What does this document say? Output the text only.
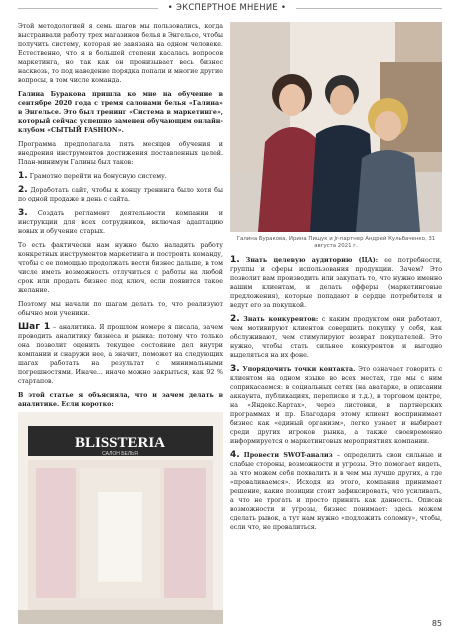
• ЭКСПЕРТНОЕ МНЕНИЕ •

Этой методологией я семь шагов мы пользовались, когда выстраивали работу трех магазинов белья в Энгельсе, чтобы получить систему, которая не завязана на одном человеке. Естественно, что я в большей степени касалась вопросов маркетинга, но так как он пронизывает весь бизнес насквозь, то под наведение порядка попали и многие другие вопросы, в том числе команда.

Галина Буракова пришла ко мне на обучение в сентябре 2020 года с тремя салонами белья «Галина» в Энгельсе. Это был тренинг «Система в маркетинге», который сейчас успешно заменен обучающим онлайн-клубом «СЫТЫЙ FASHION».

Программа предполагала пять месяцев обучения и внедрения инструментов достижения поставленных целей. План-минимум Галины был таков:

1. Грамотно перейти на бонусную систему.
2. Доработать сайт, чтобы к концу тренинга было хотя бы по одной продаже в день с сайта.
3. Создать регламент деятельности компании и инструкции для всех сотрудников, включая адаптацию новых и обучение старых.

То есть фактически нам нужно было наладить работу конкретных инструментов маркетинга и построить команду, чтобы с ее помощью продолжать вести бизнес дальше, в том числе иметь возможность отлучиться с работы на любой срок или продать бизнес под ключ, если появится такое желание.

Поэтому мы начали по шагам делать то, что реализуют обычно мои ученики.

Шаг 1 – аналитика. Я прошлом номере я писала, зачем проводить аналитику бизнеса и рынка: потому что только она позволит оценить текущее состояние дел внутри компании и снаружи нее, а значит, поможет на следующих шагах работать на результат с минимальными погрешностями. Иначе... иначе можно закрыться, как 92 % стартапов.

В этой статье я объясняла, что и зачем делать в аналитике. Если коротко:

Галина Буракова, Ирина Пищук и Jr-партнер Андрей Кульбаченко, 31 августа 2021 г.
BLISSTERIA
САЛОН БЕЛЬЯ
1. Знать целевую аудиторию (ЦА): ее потребности, группы и сферы использования продукции. Зачем? Это позволит вам производить или закупать то, что нужно именно вашим клиентам, и делать офферы (маркетинговые предложения), которые попадают в сердце потребителя и ведут его за покупкой.
2. Знать конкурентов: с каким продуктом они работают, чем мотивируют клиентов совершить покупку у себя, как обслуживают, чем стимулируют возврат покупателей. Это нужно, чтобы стать сильнее конкурентов и выгодно выделяться на их фоне.
3. Упорядочить точки контакта. Это означает говорить с клиентом на одном языке во всех местах, где мы с ним соприкасаемся: в социальных сетях (на аватарке, в описании аккаунта, публикациях, переписке и т.д.), в торговом центре, на «Яндекс.Картах», через листовки, в партнерских программах и пр. Благодаря этому клиент воспринимает бизнес как «единый организм», легко узнает и выбирает среди других игроков рынка, а также своевременно информируется о маркетинговых мероприятиях компании.
4. Провести SWOT-анализ – определить свои сильные и слабые стороны, возможности и угрозы. Это помогает видеть, за что можем себя похвалить и в чем мы лучше других, а где «проваливаемся». Исходя из этого, компания принимает решение, какие позиции стоит зафиксировать, что усиливать, а что не трогать и просто принять как данность. Описав возможности и угрозы, бизнес понимает: здесь можем сделать рывок, а тут нам нужно «подложить соломку», чтобы, если что, не провалиться.
85
